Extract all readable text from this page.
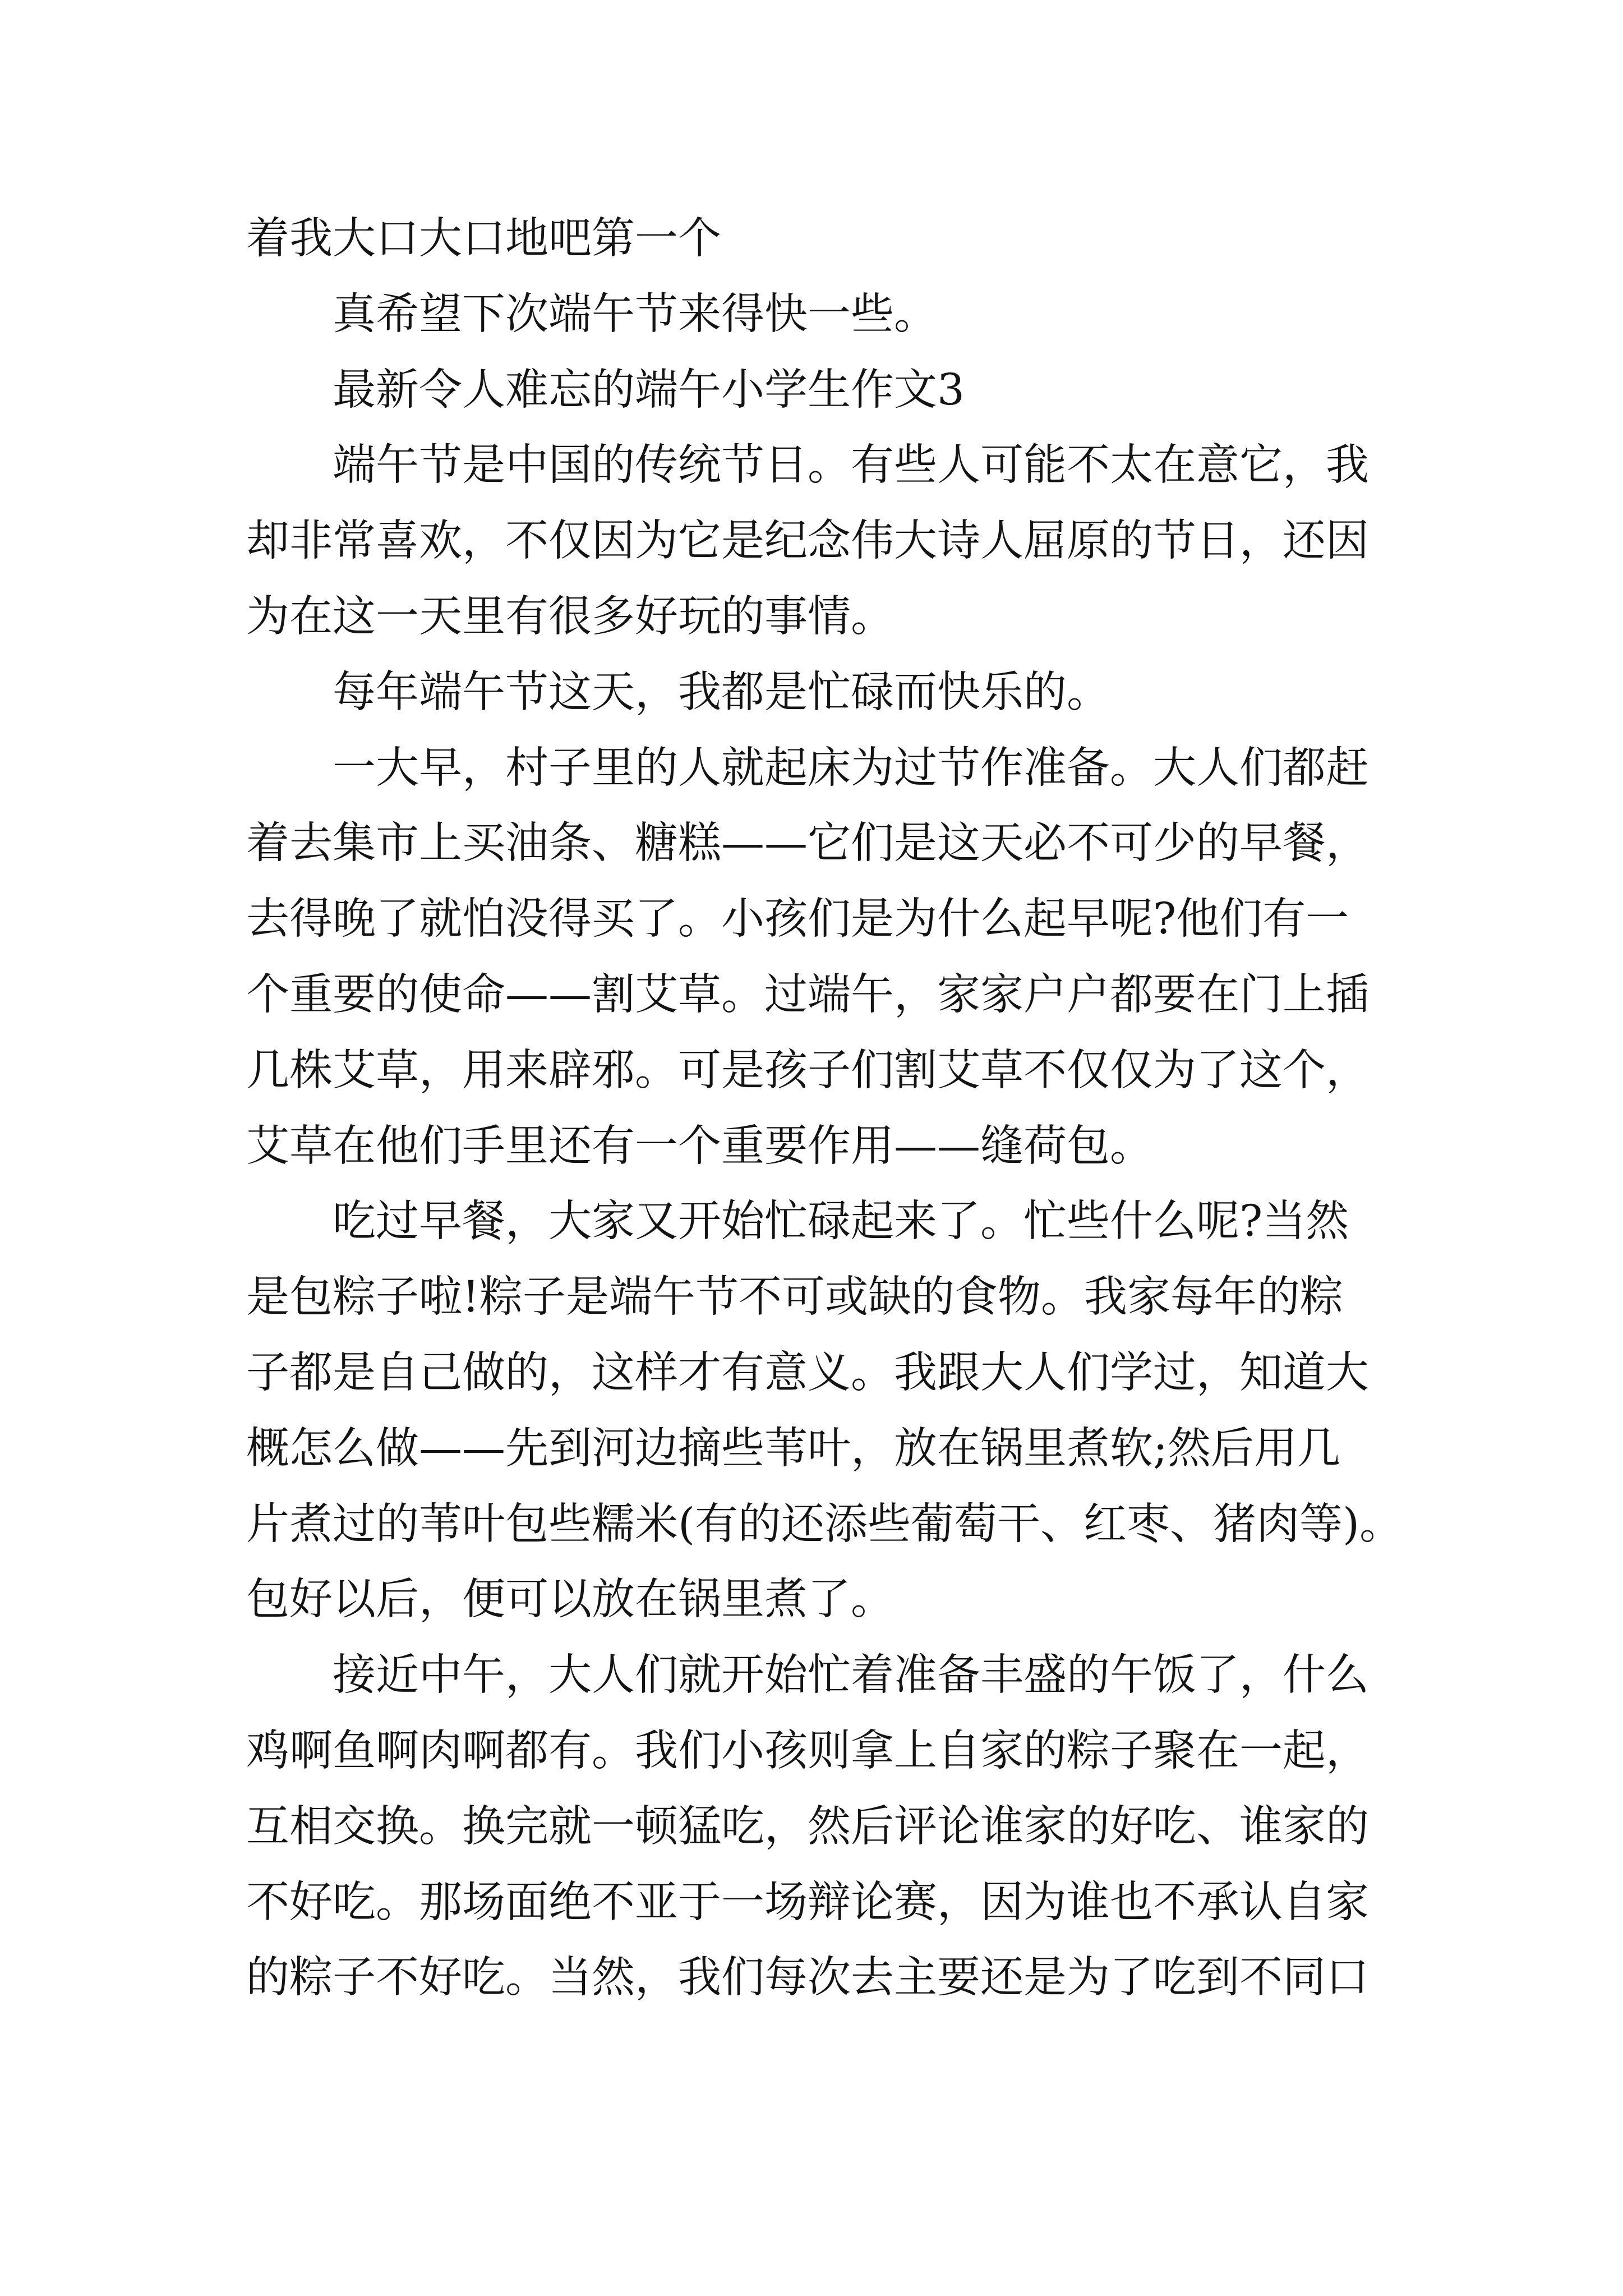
着我大口大口地吧第一个
真希望下次端午节来得快一些。
最新令人难忘的端午小学生作文3
端午节是中国的传统节日。有些人可能不太在意它，我
却非常喜欢，不仅因为它是纪念伟大诗人屈原的节日，还因
为在这一天里有很多好玩的事情。
每年端午节这天，我都是忙碌而快乐的。
一大早，村子里的人就起床为过节作准备。大人们都赶
着去集市上买油条、糖糕——它们是这天必不可少的早餐，
去得晚了就怕没得买了。小孩们是为什么起早呢?他们有一
个重要的使命——割艾草。过端午，家家户户都要在门上插
几株艾草，用来辟邪。可是孩子们割艾草不仅仅为了这个，
艾草在他们手里还有一个重要作用——缝荷包。
吃过早餐，大家又开始忙碌起来了。忙些什么呢?当然
是包粽子啦!粽子是端午节不可或缺的食物。我家每年的粽
子都是自己做的，这样才有意义。我跟大人们学过，知道大
概怎么做——先到河边摘些苇叶，放在锅里煮软;然后用几
片煮过的苇叶包些糯米(有的还添些葡萄干、红枣、猪肉等)。
包好以后，便可以放在锅里煮了。
接近中午，大人们就开始忙着准备丰盛的午饭了，什么
鸡啊鱼啊肉啊都有。我们小孩则拿上自家的粽子聚在一起，
互相交换。换完就一顿猛吃，然后评论谁家的好吃、谁家的
不好吃。那场面绝不亚于一场辩论赛，因为谁也不承认自家
的粽子不好吃。当然，我们每次去主要还是为了吃到不同口
